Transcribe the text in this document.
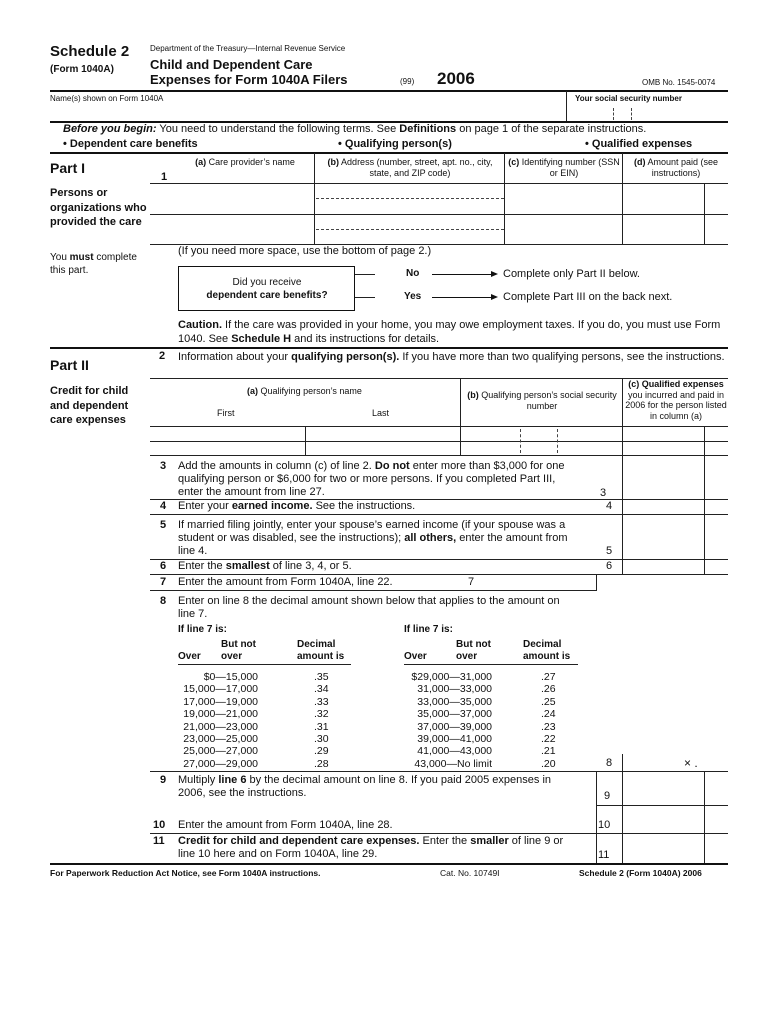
Schedule 2
(Form 1040A)
Department of the Treasury—Internal Revenue Service
Child and Dependent Care
Expenses for Form 1040A Filers	(99) 2006	OMB No. 1545-0074
Name(s) shown on Form 1040A	Your social security number
Before you begin: You need to understand the following terms. See Definitions on page 1 of the separate instructions.
• Dependent care benefits	• Qualifying person(s)	• Qualified expenses
Part I
Persons or organizations who provided the care
You must complete this part.
1
(a) Care provider’s name	(b) Address (number, street, apt. no., city, state, and ZIP code)
(c) Identifying number (SSN or EIN)
(d) Amount paid (see instructions)
(If you need more space, use the bottom of page 2.)
Did you receive
dependent care benefits?
No
Yes
Complete only Part II below.
Complete Part III on the back next.
Caution. If the care was provided in your home, you may owe employment taxes. If you do, you must use Form 1040. See Schedule H and its instructions for details.
Part II
Credit for child and dependent care expenses
2 Information about your qualifying person(s). If you have more than two qualifying persons, see the instructions.
(a) Qualifying person’s name
First	Last
(b) Qualifying person’s social security number
(c) Qualified expenses
you incurred and paid in 2006 for the person listed in column (a)
3 Add the amounts in column (c) of line 2. Do not enter more than $3,000 for one qualifying person or $6,000 for two or more persons. If you completed Part III, enter the amount from line 27.	3
4 Enter your earned income. See the instructions.	4
5 If married filing jointly, enter your spouse’s earned income (if your spouse was a student or was disabled, see the instructions); all others, enter the amount from line 4.	5
6 Enter the smallest of line 3, 4, or 5.	6
7 Enter the amount from Form 1040A, line 22.	7
8 Enter on line 8 the decimal amount shown below that applies to the amount on line 7.
If line 7 is:
But not
Over over
Decimal
amount is
If line 7 is:
But not
Over	over
Decimal
amount is
$0—15,000	.35
15,000—17,000	.34
17,000—19,000	.33
19,000—21,000	.32
21,000—23,000	.31
23,000—25,000	.30
25,000—27,000	.29
27,000—29,000	.28
$29,000—31,000	.27
31,000—33,000	.26
33,000—35,000	.25
35,000—37,000	.24
37,000—39,000	.23
39,000—41,000	.22
41,000—43,000	.21
43,000—No limit	.20	8	× .
9 Multiply line 6 by the decimal amount on line 8. If you paid 2005 expenses in 2006, see the instructions.	9
10 Enter the amount from Form 1040A, line 28.	10
11 Credit for child and dependent care expenses. Enter the smaller of line 9 or line 10 here and on Form 1040A, line 29.	11
For Paperwork Reduction Act Notice, see Form 1040A instructions.	Cat. No. 10749I	Schedule 2 (Form 1040A) 2006
